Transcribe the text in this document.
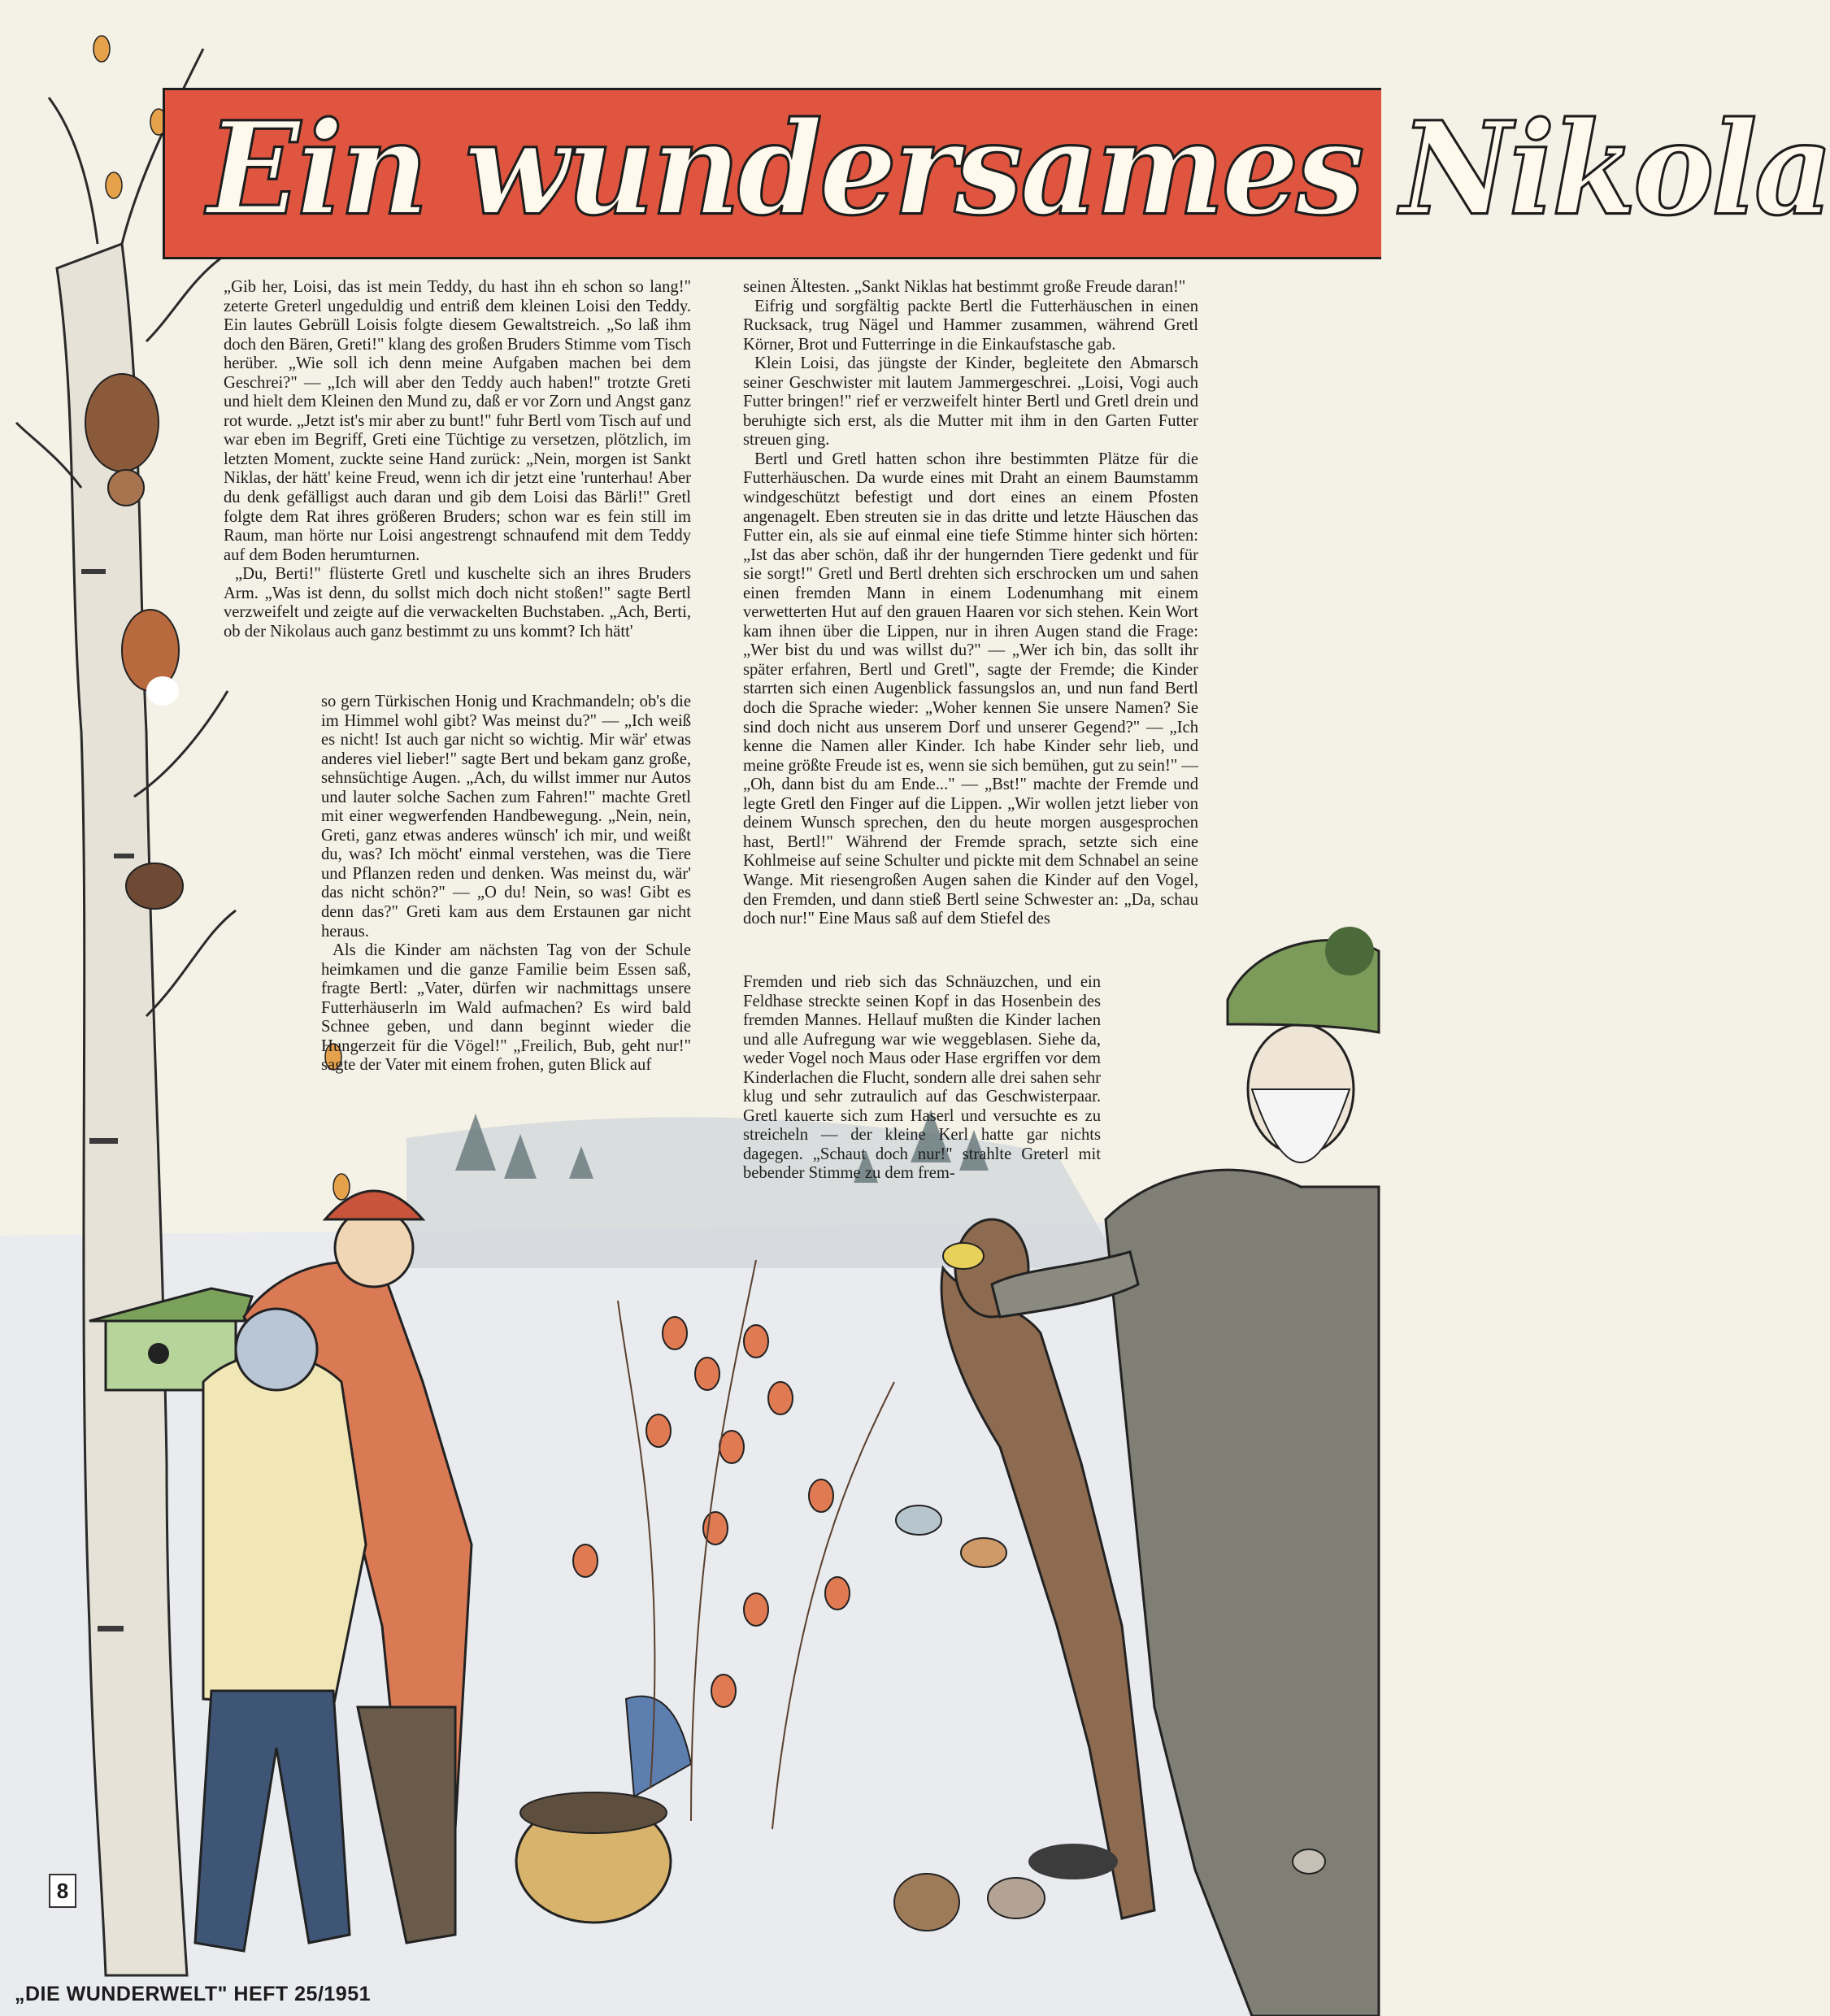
Ein wundersames Nikola

„Gib her, Loisi, das ist mein Teddy, du hast ihn eh schon so lang!" zeterte Greterl ungeduldig und entriß dem kleinen Loisi den Teddy. Ein lautes Gebrüll Loisis folgte diesem Gewaltstreich. „So laß ihm doch den Bären, Greti!" klang des großen Bruders Stimme vom Tisch herüber. „Wie soll ich denn meine Aufgaben machen bei dem Geschrei?" — „Ich will aber den Teddy auch haben!" trotzte Greti und hielt dem Kleinen den Mund zu, daß er vor Zorn und Angst ganz rot wurde. „Jetzt ist's mir aber zu bunt!" fuhr Bertl vom Tisch auf und war eben im Begriff, Greti eine Tüchtige zu versetzen, plötzlich, im letzten Moment, zuckte seine Hand zurück: „Nein, morgen ist Sankt Niklas, der hätt' keine Freud, wenn ich dir jetzt eine 'runterhau! Aber du denk gefälligst auch daran und gib dem Loisi das Bärli!" Gretl folgte dem Rat ihres größeren Bruders; schon war es fein still im Raum, man hörte nur Loisi angestrengt schnaufend mit dem Teddy auf dem Boden herumturnen.

„Du, Berti!" flüsterte Gretl und kuschelte sich an ihres Bruders Arm. „Was ist denn, du sollst mich doch nicht stoßen!" sagte Bertl verzweifelt und zeigte auf die verwackelten Buchstaben. „Ach, Berti, ob der Nikolaus auch ganz bestimmt zu uns kommt? Ich hätt'

so gern Türkischen Honig und Krachmandeln; ob's die im Himmel wohl gibt? Was meinst du?" — „Ich weiß es nicht! Ist auch gar nicht so wichtig. Mir wär' etwas anderes viel lieber!" sagte Bert und bekam ganz große, sehnsüchtige Augen. „Ach, du willst immer nur Autos und lauter solche Sachen zum Fahren!" machte Gretl mit einer wegwerfenden Handbewegung. „Nein, nein, Greti, ganz etwas anderes wünsch' ich mir, und weißt du, was? Ich möcht' einmal verstehen, was die Tiere und Pflanzen reden und denken. Was meinst du, wär' das nicht schön?" — „O du! Nein, so was! Gibt es denn das?" Greti kam aus dem Erstaunen gar nicht heraus.

Als die Kinder am nächsten Tag von der Schule heimkamen und die ganze Familie beim Essen saß, fragte Bertl: „Vater, dürfen wir nachmittags unsere Futterhäuserln im Wald aufmachen? Es wird bald Schnee geben, und dann beginnt wieder die Hungerzeit für die Vögel!" „Freilich, Bub, geht nur!" sagte der Vater mit einem frohen, guten Blick auf

seinen Ältesten. „Sankt Niklas hat bestimmt große Freude daran!"

Eifrig und sorgfältig packte Bertl die Futterhäuschen in einen Rucksack, trug Nägel und Hammer zusammen, während Gretl Körner, Brot und Futterringe in die Einkaufstasche gab.

Klein Loisi, das jüngste der Kinder, begleitete den Abmarsch seiner Geschwister mit lautem Jammergeschrei. „Loisi, Vogi auch Futter bringen!" rief er verzweifelt hinter Bertl und Gretl drein und beruhigte sich erst, als die Mutter mit ihm in den Garten Futter streuen ging.

Bertl und Gretl hatten schon ihre bestimmten Plätze für die Futterhäuschen. Da wurde eines mit Draht an einem Baumstamm windgeschützt befestigt und dort eines an einem Pfosten angenagelt. Eben streuten sie in das dritte und letzte Häuschen das Futter ein, als sie auf einmal eine tiefe Stimme hinter sich hörten: „Ist das aber schön, daß ihr der hungernden Tiere gedenkt und für sie sorgt!" Gretl und Bertl drehten sich erschrocken um und sahen einen fremden Mann in einem Lodenumhang mit einem verwetterten Hut auf den grauen Haaren vor sich stehen. Kein Wort kam ihnen über die Lippen, nur in ihren Augen stand die Frage: „Wer bist du und was willst du?" — „Wer ich bin, das sollt ihr später erfahren, Bertl und Gretl", sagte der Fremde; die Kinder starrten sich einen Augenblick fassungslos an, und nun fand Bertl doch die Sprache wieder: „Woher kennen Sie unsere Namen? Sie sind doch nicht aus unserem Dorf und unserer Gegend?" — „Ich kenne die Namen aller Kinder. Ich habe Kinder sehr lieb, und meine größte Freude ist es, wenn sie sich bemühen, gut zu sein!" — „Oh, dann bist du am Ende..." — „Bst!" machte der Fremde und legte Gretl den Finger auf die Lippen. „Wir wollen jetzt lieber von deinem Wunsch sprechen, den du heute morgen ausgesprochen hast, Bertl!" Während der Fremde sprach, setzte sich eine Kohlmeise auf seine Schulter und pickte mit dem Schnabel an seine Wange. Mit riesengroßen Augen sahen die Kinder auf den Vogel, den Fremden, und dann stieß Bertl seine Schwester an: „Da, schau doch nur!" Eine Maus saß auf dem Stiefel des

Fremden und rieb sich das Schnäuzchen, und ein Feldhase streckte seinen Kopf in das Hosenbein des fremden Mannes. Hellauf mußten die Kinder lachen und alle Aufregung war wie weggeblasen. Siehe da, weder Vogel noch Maus oder Hase ergriffen vor dem Kinderlachen die Flucht, sondern alle drei sahen sehr klug und sehr zutraulich auf das Geschwisterpaar. Gretl kauerte sich zum Haserl und versuchte es zu streicheln — der kleine Kerl hatte gar nichts dagegen. „Schaut doch nur!" strahlte Greterl mit bebender Stimme zu dem frem-

8
„DIE WUNDERWELT" HEFT 25/1951
